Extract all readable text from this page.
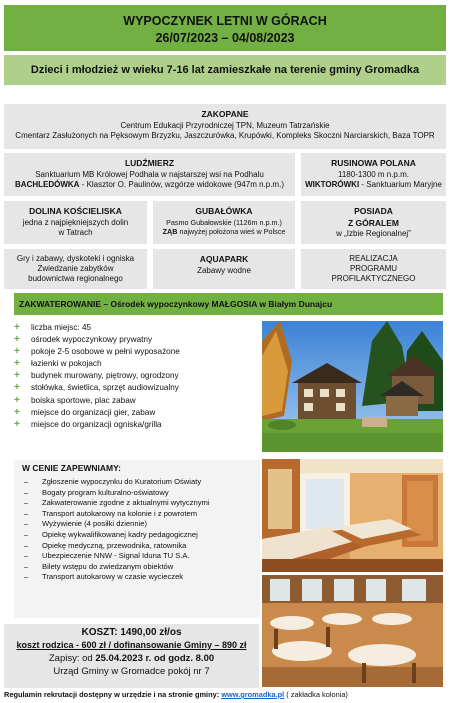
WYPOCZYNEK LETNI W GÓRACH
26/07/2023 – 04/08/2023
Dzieci i młodzież w wieku 7-16 lat zamieszkałe na terenie gminy Gromadka
ZAKOPANE
Centrum Edukacji Przyrodniczej TPN, Muzeum Tatrzańskie
Cmentarz Zasłużonych na Pęksowym Brzyzku, Jaszczurówka, Krupówki, Kompleks Skoczni Narciarskich, Baza TOPR
LUDŹMIERZ
Sanktuarium MB Królowej Podhala w najstarszej wsi na Podhalu
BACHLEDÓWKA - Klasztor O. Paulinów, wzgórze widokowe (947m n.p.m.)
RUSINOWA POLANA
1180-1300 m n.p.m.
WIKTORÓWKI - Sanktuarium Maryjne
DOLINA KOŚCIELISKA
jedna z najpiękniejszych dolin
w Tatrach
GUBAŁÓWKA
Pasmo Gubałowskie (1126m n.p.m.)
ZĄB najwyżej położona wieś w Polsce
POSIADA
Z GÓRALEM
w „Izbie Regionalnej”
Gry i zabawy, dyskoteki i ogniska
Zwiedzanie zabytków
budownictwa regionalnego
AQUAPARK
Zabawy wodne
REALIZACJA
PROGRAMU
PROFILAKTYCZNEGO
ZAKWATEROWANIE – Ośrodek wypoczynkowy MAŁGOSIA w Białym Dunajcu
+	liczba miejsc: 45
+	ośrodek wypoczynkowy prywatny
+	pokoje 2-5 osobowe w pełni wyposażone
+	łazienki w pokojach
+	budynek murowany, piętrowy, ogrodzony
+	stołówka, świetlica, sprzęt audiowizualny
+	boiska sportowe, plac zabaw
+	miejsce do organizacji gier, zabaw
+	miejsce do organizacji ogniska/grilla
W CENIE ZAPEWNIAMY:
–	Zgłoszenie wypoczynku do Kuratorium Oświaty
–	Bogaty program kulturalno-oświatowy
–	Zakwaterowanie zgodne z aktualnymi wytycznymi
–	Transport autokarowy na kolonie i z powrotem
–	Wyżywienie (4 posiłki dziennie)
–	Opiekę wykwalifikowanej kadry pedagogicznej
–	Opiekę medyczną, przewodnika, ratownika
–	Ubezpieczenie NNW - Signal Iduna TU S.A.
–	Bilety wstępu do zwiedzanym obiektów
–	Transport autokarowy w czasie wycieczek
KOSZT: 1490,00 zł/os
koszt rodzica - 600 zł / dofinansowanie Gminy – 890 zł
Zapisy: od 25.04.2023 r. od godz. 8.00
Urząd Gminy w Gromadce pokój nr 7
Regulamin rekrutacji dostępny w urzędzie i na stronie gminy: www.gromadka.pl ( zakładka kolonia)
